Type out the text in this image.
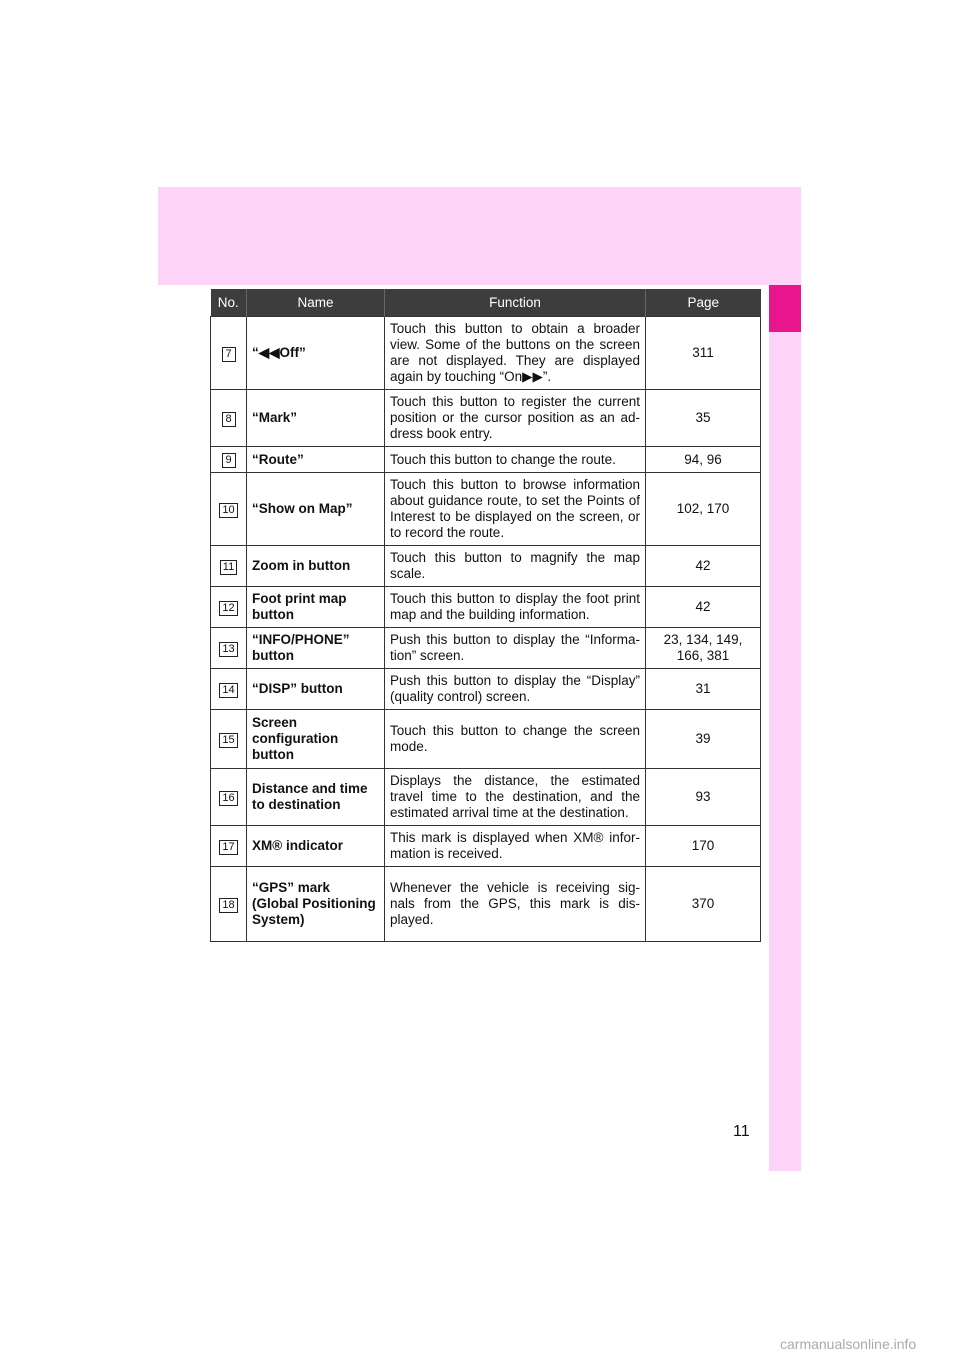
No.	Name	Function	Page
7	“◀◀Off”	Touch this button to obtain a broader view. Some of the buttons on the screen are not displayed. They are displayed again by touching “On▶▶”.	311
8	“Mark”	Touch this button to register the current position or the cursor position as an ad-dress book entry.	35
9	“Route”	Touch this button to change the route.	94, 96
10	“Show on Map”	Touch this button to browse information about guidance route, to set the Points of Interest to be displayed on the screen, or to record the route.	102, 170
11	Zoom in button	Touch this button to magnify the map scale.	42
12	Foot print map button	Touch this button to display the foot print map and the building information.	42
13	“INFO/PHONE” button	Push this button to display the “Informa-tion” screen.	23, 134, 149, 166, 381
14	“DISP” button	Push this button to display the “Display” (quality control) screen.	31
15	Screen configuration button	Touch this button to change the screen mode.	39
16	Distance and time to destination	Displays the distance, the estimated travel time to the destination, and the estimated arrival time at the destination.	93
17	XM® indicator	This mark is displayed when XM® infor-mation is received.	170
18	“GPS” mark (Global Positioning System)	Whenever the vehicle is receiving sig-nals from the GPS, this mark is dis-played.	370
11
carmanualsonline.info
